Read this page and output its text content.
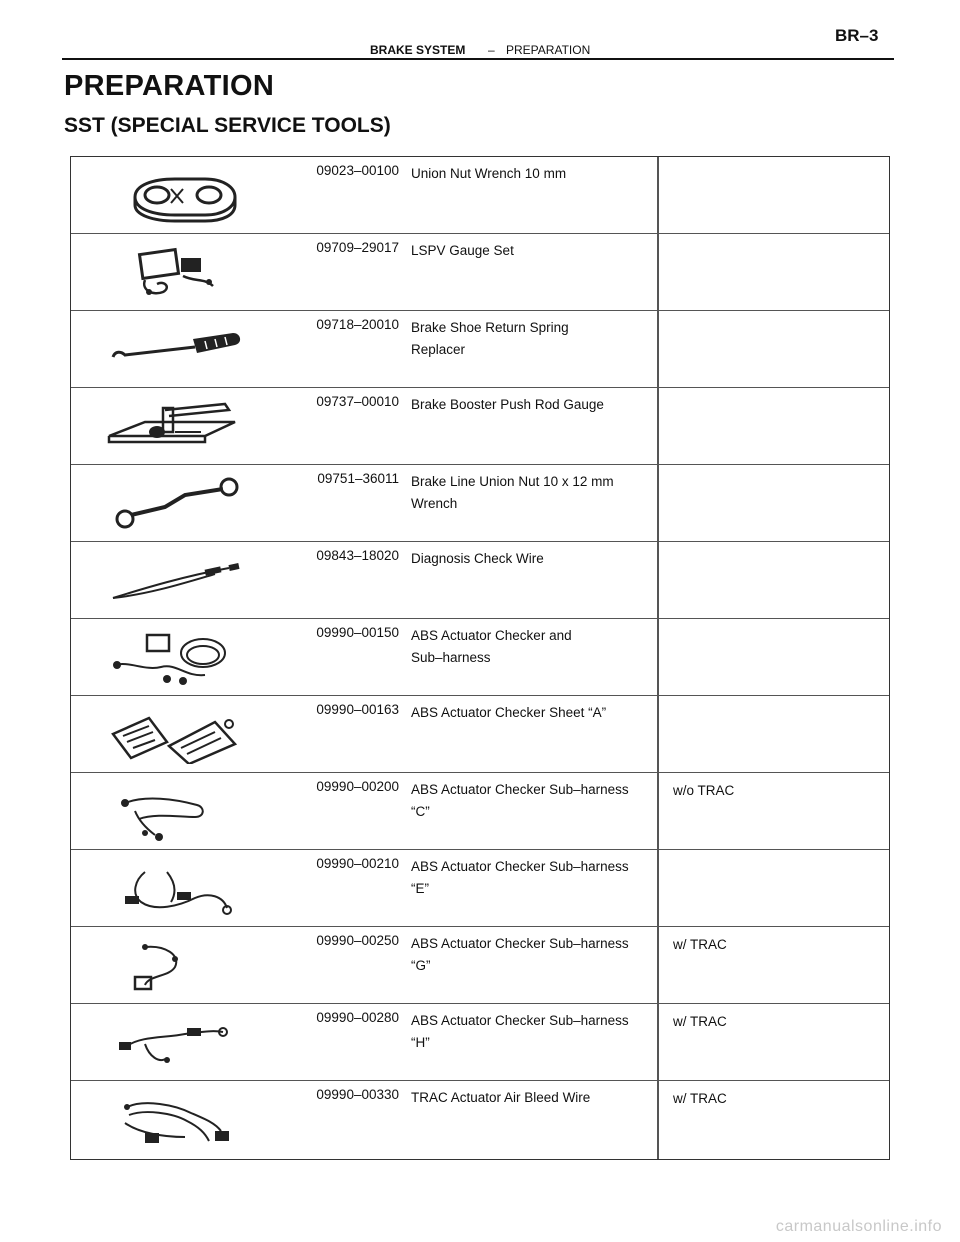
BRAKE SYSTEM – PREPARATION
BR–3
PREPARATION
SST (SPECIAL SERVICE TOOLS)
09023–00100 Union Nut Wrench 10 mm
09709–29017 LSPV Gauge Set
09718–20010 Brake Shoe Return Spring
Replacer
09737–00010 Brake Booster Push Rod Gauge
09751–36011 Brake Line Union Nut 10 x 12 mm
Wrench
09843–18020 Diagnosis Check Wire
09990–00150 ABS Actuator Checker and
Sub–harness
09990–00163 ABS Actuator Checker Sheet “A”
09990–00200 ABS Actuator Checker Sub–harness
“C”
w/o TRAC
09990–00210 ABS Actuator Checker Sub–harness
“E”
09990–00250 ABS Actuator Checker Sub–harness
“G”
w/ TRAC
09990–00280 ABS Actuator Checker Sub–harness
“H”
w/ TRAC
09990–00330 TRAC Actuator Air Bleed Wire	w/ TRAC
carmanualsonline.info
